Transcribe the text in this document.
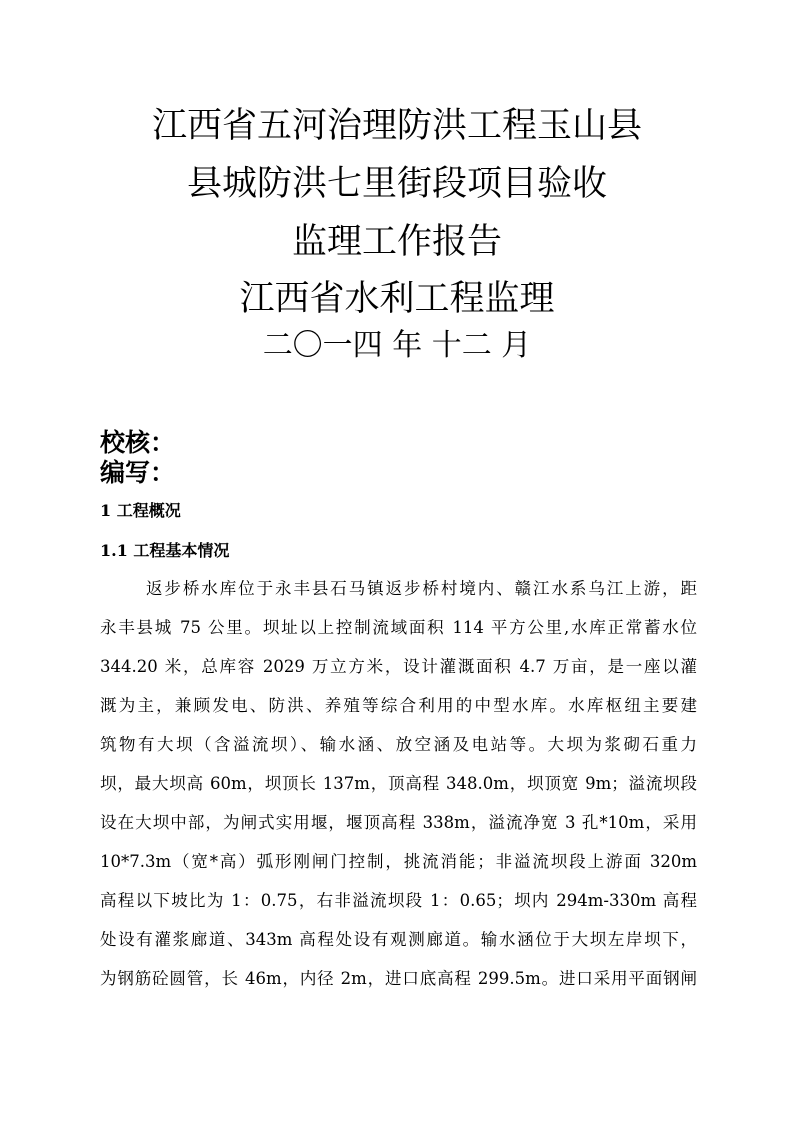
江西省五河治理防洪工程玉山县
县城防洪七里街段项目验收
监理工作报告
江西省水利工程监理
二〇一四 年 十二 月
校核：
编写：
1 工程概况
1.1 工程基本情况
返步桥水库位于永丰县石马镇返步桥村境内、赣江水系乌江上游，距
永丰县城 75 公里。坝址以上控制流域面积 114 平方公里,水库正常蓄水位
344.20 米，总库容 2029 万立方米，设计灌溉面积 4.7 万亩，是一座以灌
溉为主，兼顾发电、防洪、养殖等综合利用的中型水库。水库枢纽主要建
筑物有大坝（含溢流坝）、输水涵、放空涵及电站等。大坝为浆砌石重力
坝，最大坝高 60m，坝顶长 137m，顶高程 348.0m，坝顶宽 9m；溢流坝段
设在大坝中部，为闸式实用堰，堰顶高程 338m，溢流净宽 3 孔*10m，采用
10*7.3m（宽*高）弧形刚闸门控制，挑流消能；非溢流坝段上游面 320m
高程以下坡比为 1：0.75，右非溢流坝段 1：0.65；坝内 294m-330m 高程
处设有灌浆廊道、343m 高程处设有观测廊道。输水涵位于大坝左岸坝下，
为钢筋砼圆管，长 46m，内径 2m，进口底高程 299.5m。进口采用平面钢闸
